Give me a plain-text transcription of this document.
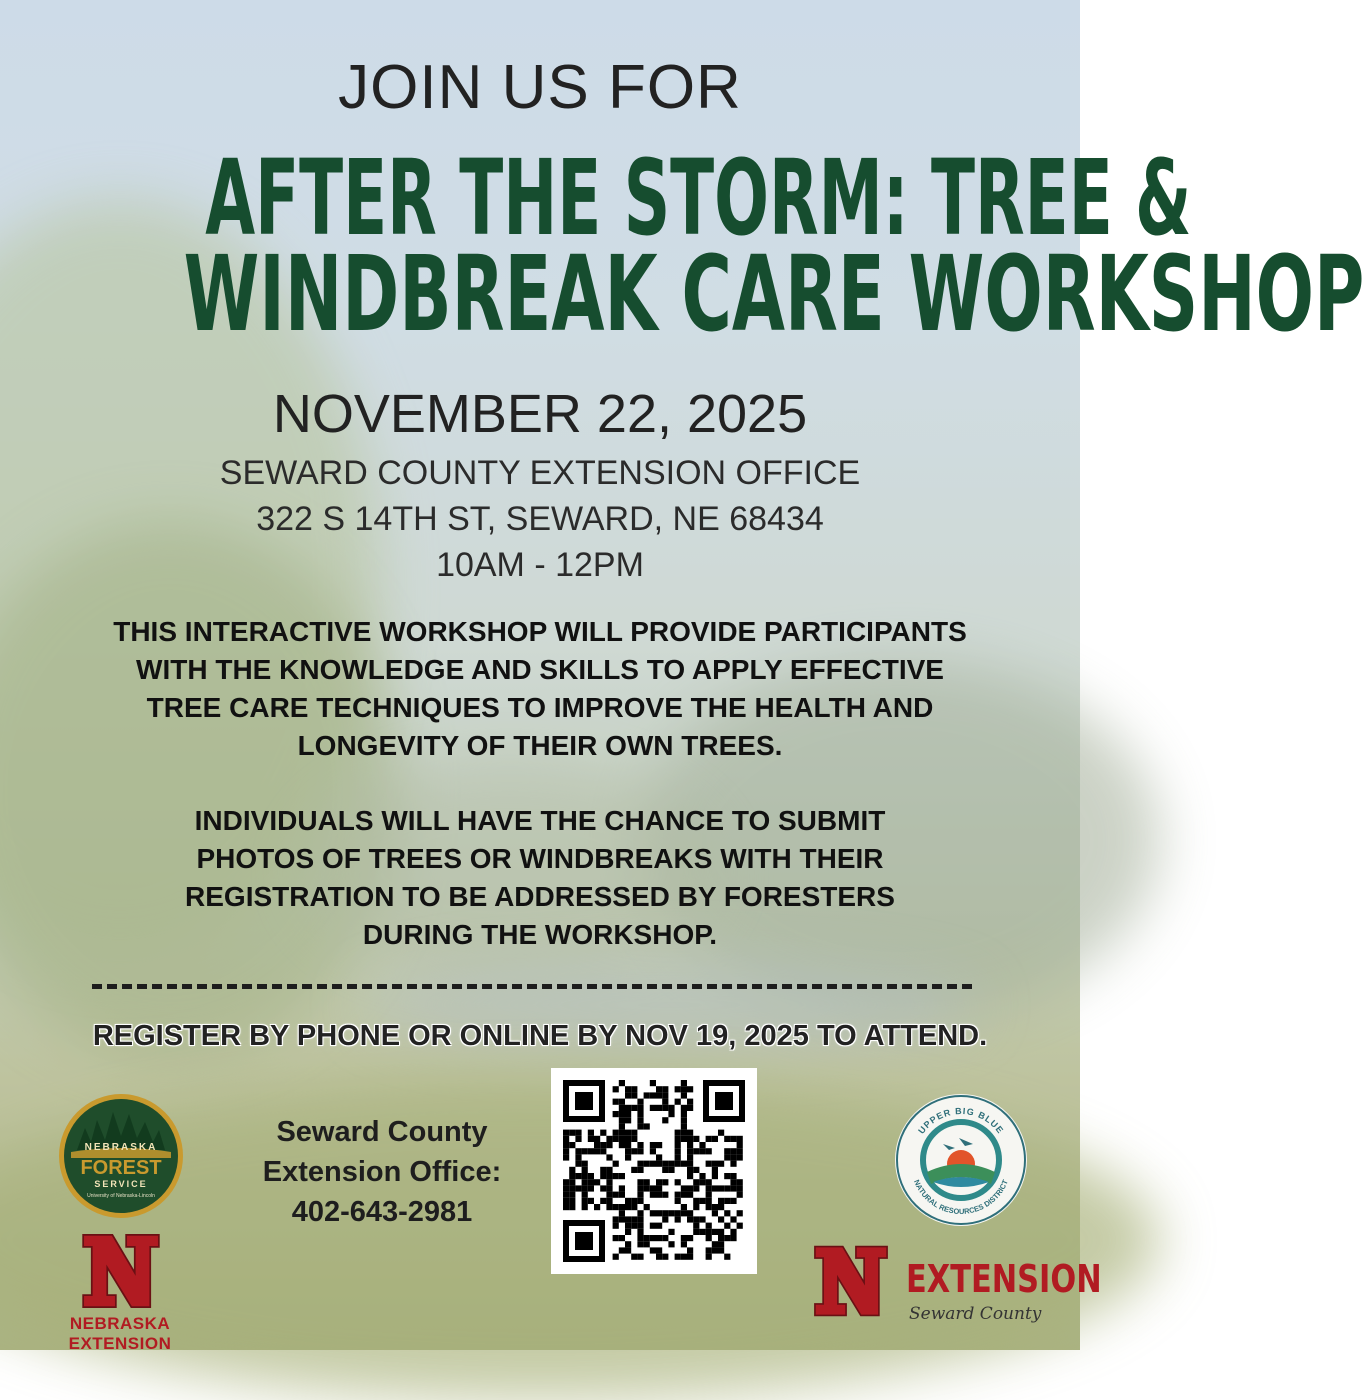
JOIN US FOR
AFTER THE STORM: TREE &
WINDBREAK CARE WORKSHOP
NOVEMBER 22, 2025
SEWARD COUNTY EXTENSION OFFICE
322 S 14TH ST, SEWARD, NE 68434
10AM - 12PM
THIS INTERACTIVE WORKSHOP WILL PROVIDE PARTICIPANTS WITH THE KNOWLEDGE AND SKILLS TO APPLY EFFECTIVE TREE CARE TECHNIQUES TO IMPROVE THE HEALTH AND LONGEVITY OF THEIR OWN TREES.
INDIVIDUALS WILL HAVE THE CHANCE TO SUBMIT PHOTOS OF TREES OR WINDBREAKS WITH THEIR REGISTRATION TO BE ADDRESSED BY FORESTERS DURING THE WORKSHOP.
REGISTER BY PHONE OR ONLINE BY NOV 19, 2025 TO ATTEND.
NEBRASKA
FOREST
SERVICE
University of Nebraska-Lincoln
NEBRASKA EXTENSION
Seward County
Extension Office:
402-643-2981
UPPER BIG BLUE
NATURAL RESOURCES DISTRICT
EXTENSION
Seward County
